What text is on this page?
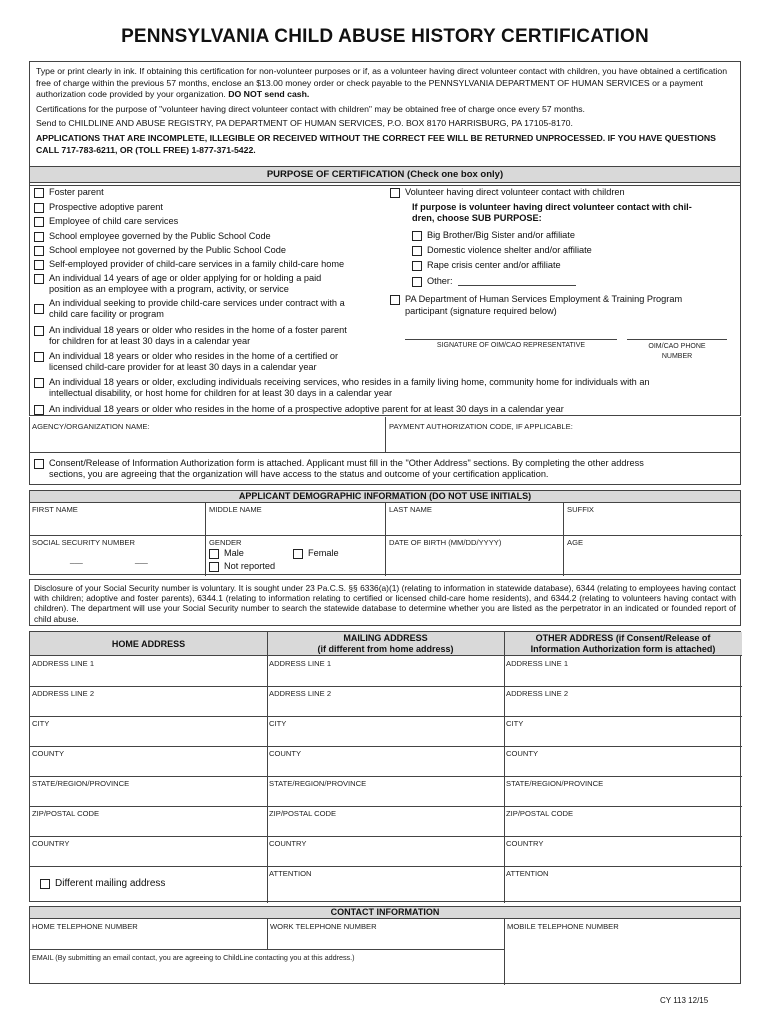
PENNSYLVANIA CHILD ABUSE HISTORY CERTIFICATION

Type or print clearly in ink. If obtaining this certification for non-volunteer purposes or if, as a volunteer having direct volunteer contact with children, you have obtained a certification free of charge within the previous 57 months, enclose an $13.00 money order or check payable to the PENNSYLVANIA DEPARTMENT OF HUMAN SERVICES or a payment authorization code provided by your organization. DO NOT send cash.

Certifications for the purpose of "volunteer having direct volunteer contact with children" may be obtained free of charge once every 57 months.

Send to CHILDLINE AND ABUSE REGISTRY, PA DEPARTMENT OF HUMAN SERVICES, P.O. BOX 8170 HARRISBURG, PA 17105-8170.

APPLICATIONS THAT ARE INCOMPLETE, ILLEGIBLE OR RECEIVED WITHOUT THE CORRECT FEE WILL BE RETURNED UNPROCESSED. IF YOU HAVE QUESTIONS CALL 717-783-6211, OR (TOLL FREE) 1-877-371-5422.

PURPOSE OF CERTIFICATION (Check one box only)
Foster parent
Prospective adoptive parent
Employee of child care services
School employee governed by the Public School Code
School employee not governed by the Public School Code
Self-employed provider of child-care services in a family child-care home
An individual 14 years of age or older applying for or holding a paid
position as an employee with a program, activity, or service
An individual seeking to provide child-care services under contract with a
child care facility or program
An individual 18 years or older who resides in the home of a foster parent
for children for at least 30 days in a calendar year
An individual 18 years or older who resides in the home of a certified or
licensed child-care provider for at least 30 days in a calendar year
An individual 18 years or older, excluding individuals receiving services, who resides in a family living home, community home for individuals with an
intellectual disability, or host home for children for at least 30 days in a calendar year
An individual 18 years or older who resides in the home of a prospective adoptive parent for at least 30 days in a calendar year
Volunteer having direct volunteer contact with children
If purpose is volunteer having direct volunteer contact with chil-
dren, choose SUB PURPOSE:
Big Brother/Big Sister and/or affiliate
Domestic violence shelter and/or affiliate
Rape crisis center and/or affiliate
Other:
PA Department of Human Services Employment & Training Program
participant (signature required below)
SIGNATURE OF OIM/CAO REPRESENTATIVE	OIM/CAO PHONE
NUMBER
AGENCY/ORGANIZATION NAME:	PAYMENT AUTHORIZATION CODE, IF APPLICABLE:
Consent/Release of Information Authorization form is attached. Applicant must fill in the "Other Address" sections. By completing the other address
sections, you are agreeing that the organization will have access to the status and outcome of your certification application.
APPLICANT DEMOGRAPHIC INFORMATION (DO NOT USE INITIALS)
FIRST NAME	MIDDLE NAME	LAST NAME	SUFFIX
SOCIAL SECURITY NUMBER
___	___
GENDER
Male	Female
Not reported
DATE OF BIRTH (MM/DD/YYYY)	AGE
Disclosure of your Social Security number is voluntary. It is sought under 23 Pa.C.S. §§ 6336(a)(1) (relating to information in statewide database), 6344 (relating to employees having contact with children; adoptive and foster parents), 6344.1 (relating to information relating to certified or licensed child-care home residents), and 6344.2 (relating to volunteers having contact with children). The department will use your Social Security number to search the statewide database to determine whether you are listed as the perpetrator in an indicated or founded report of child abuse.
HOME ADDRESS
MAILING ADDRESS
(if different from home address)
OTHER ADDRESS (if Consent/Release of
Information Authorization form is attached)
ADDRESS LINE 1	ADDRESS LINE 1	ADDRESS LINE 1
ADDRESS LINE 2	ADDRESS LINE 2	ADDRESS LINE 2
CITY	CITY	CITY
COUNTY	COUNTY	COUNTY
STATE/REGION/PROVINCE	STATE/REGION/PROVINCE	STATE/REGION/PROVINCE
ZIP/POSTAL CODE	ZIP/POSTAL CODE	ZIP/POSTAL CODE
COUNTRY	COUNTRY	COUNTRY
ATTENTION	ATTENTION
Different mailing address
CONTACT INFORMATION
HOME TELEPHONE NUMBER	WORK TELEPHONE NUMBER	MOBILE TELEPHONE NUMBER
EMAIL (By submitting an email contact, you are agreeing to ChildLine contacting you at this address.)
CY 113 12/15
